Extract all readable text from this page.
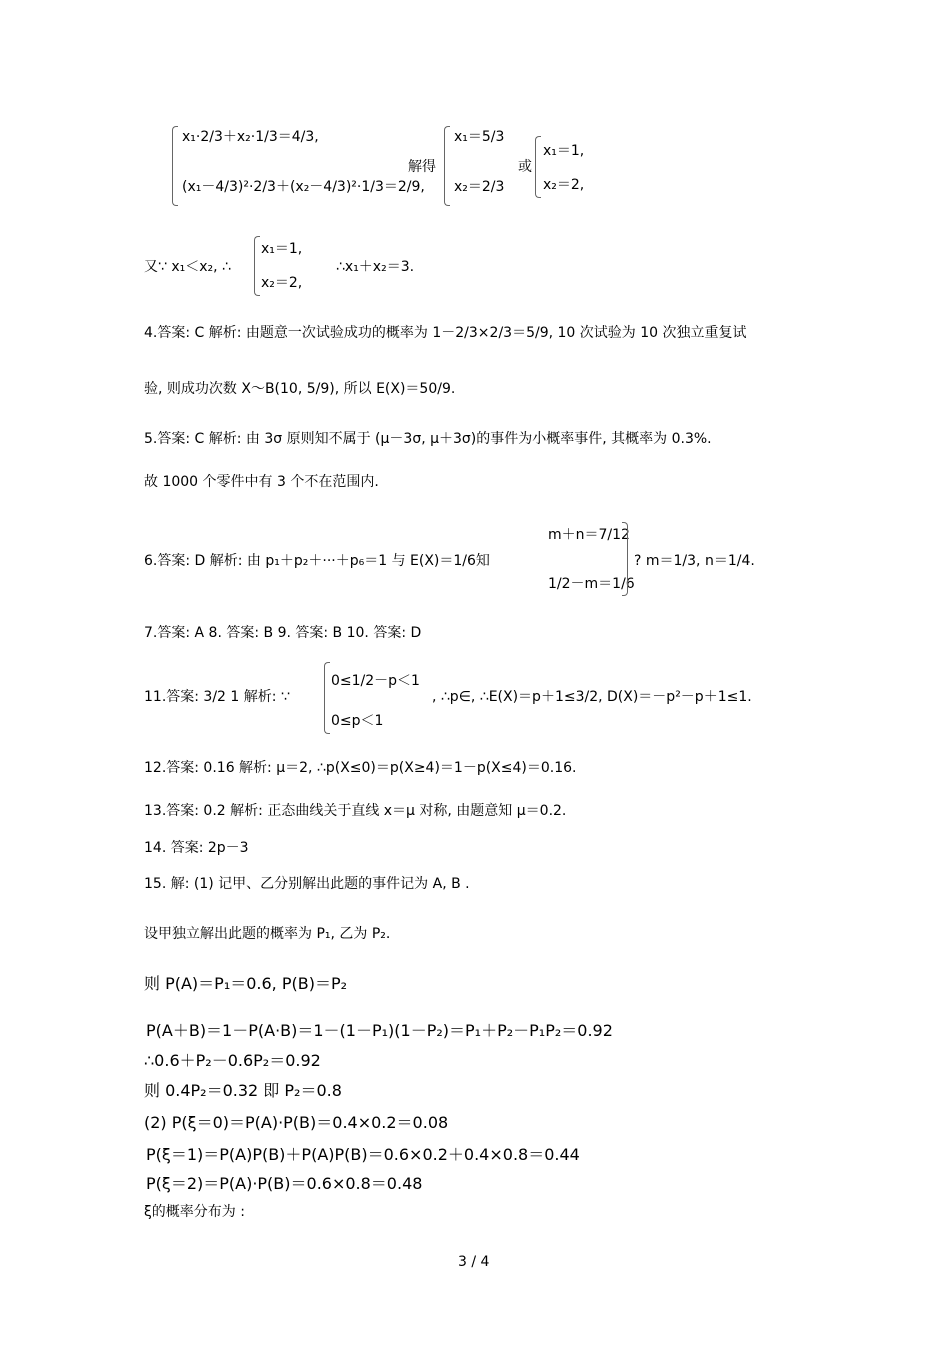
x₁·2/3＋x₂·1/3＝4/3,
(x₁－4/3)²·2/3＋(x₂－4/3)²·1/3＝2/9,
解得
x₁＝5/3
x₂＝2/3
或
x₁＝1,
x₂＝2,
又∵ x₁＜x₂, ∴
x₁＝1,
x₂＝2,
∴x₁＋x₂＝3.
4.答案: C 解析: 由题意一次试验成功的概率为 1－2/3×2/3＝5/9, 10 次试验为 10 次独立重复试
验, 则成功次数 X～B(10, 5/9), 所以 E(X)＝50/9.
5.答案: C 解析: 由 3σ 原则知不属于 (μ－3σ, μ＋3σ)的事件为小概率事件, 其概率为 0.3%.
故 1000 个零件中有 3 个不在范围内.
6.答案: D 解析: 由 p₁＋p₂＋···＋p₆＝1 与 E(X)＝1/6知
m＋n＝7/12
1/2－m＝1/6
? m＝1/3, n＝1/4.
7.答案: A 8. 答案: B 9. 答案: B 10. 答案: D
11.答案: 3/2 1 解析: ∵
0≤1/2－p＜1
0≤p＜1
, ∴p∈, ∴E(X)＝p＋1≤3/2, D(X)＝－p²－p＋1≤1.
12.答案: 0.16 解析: μ＝2, ∴p(X≤0)＝p(X≥4)＝1－p(X≤4)＝0.16.
13.答案: 0.2 解析: 正态曲线关于直线 x＝μ 对称, 由题意知 μ＝0.2.
14. 答案: 2p－3
15. 解: (1) 记甲、乙分别解出此题的事件记为 A, B .
设甲独立解出此题的概率为 P₁, 乙为 P₂.
则 P(A)＝P₁＝0.6, P(B)＝P₂
P(A＋B)＝1－P(A·B)＝1－(1－P₁)(1－P₂)＝P₁＋P₂－P₁P₂＝0.92
∴0.6＋P₂－0.6P₂＝0.92
则 0.4P₂＝0.32 即 P₂＝0.8
(2) P(ξ＝0)＝P(A)·P(B)＝0.4×0.2＝0.08
P(ξ＝1)＝P(A)P(B)＋P(A)P(B)＝0.6×0.2＋0.4×0.8＝0.44
P(ξ＝2)＝P(A)·P(B)＝0.6×0.8＝0.48
ξ的概率分布为 :
3 / 4
